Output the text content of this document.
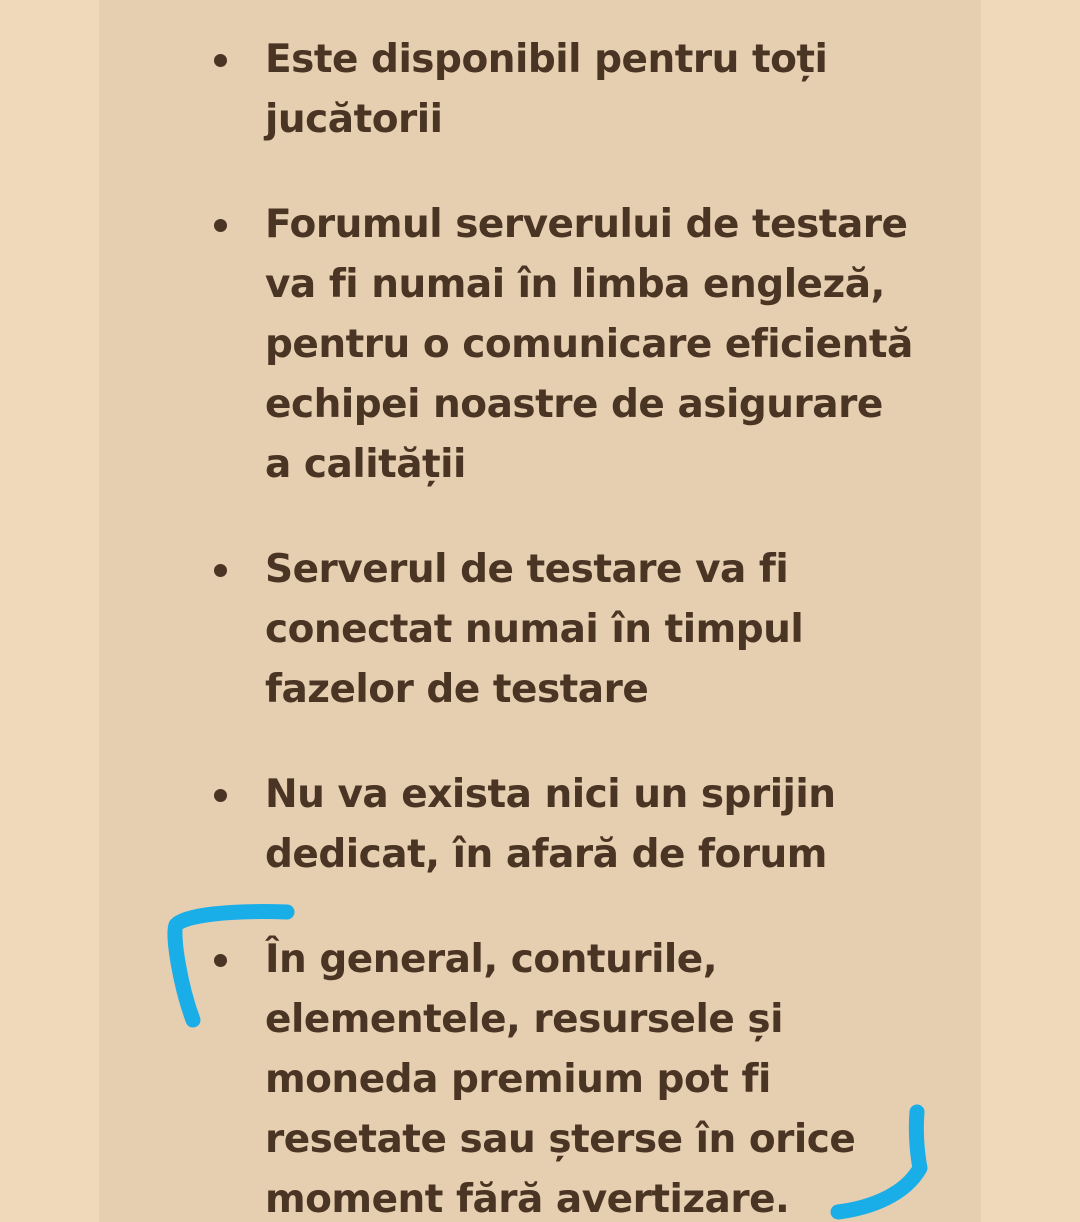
Este disponibil pentru toți jucătorii
Forumul serverului de testare va fi numai în limba engleză, pentru o comunicare eficientă echipei noastre de asigurare a calității
Serverul de testare va fi conectat numai în timpul fazelor de testare
Nu va exista nici un sprijin dedicat, în afară de forum
În general, conturile, elementele, resursele și moneda premium pot fi resetate sau șterse în orice moment fără avertizare.
